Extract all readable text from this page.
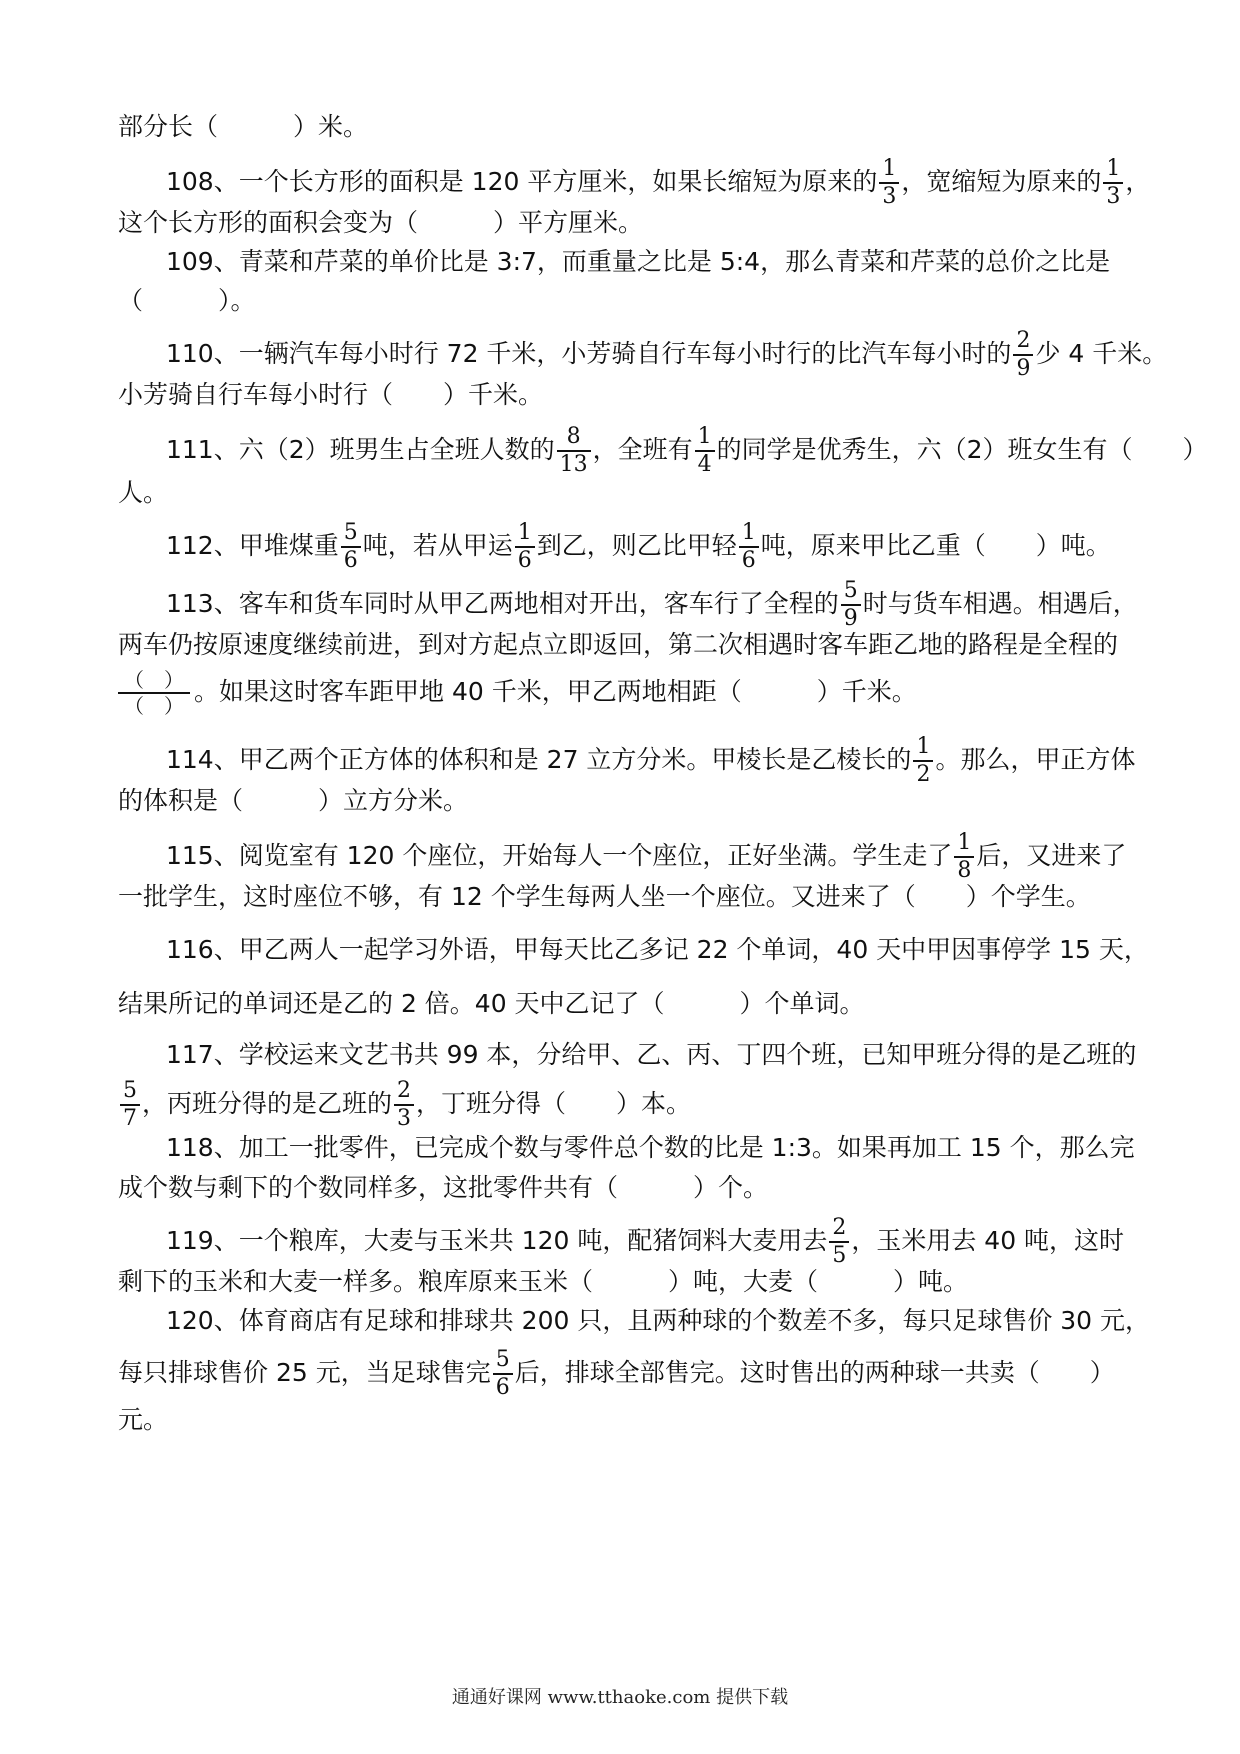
部分长（　　　）米。
108、一个长方形的面积是 120 平方厘米，如果长缩短为原来的 $\frac{1}{3}$ ，宽缩短为原来的 $\frac{1}{3}$ ，
这个长方形的面积会变为（　　　）平方厘米。
109、青菜和芹菜的单价比是 3:7，而重量之比是 5:4，那么青菜和芹菜的总价之比是
（　　　）。
110、一辆汽车每小时行 72 千米，小芳骑自行车每小时行的比汽车每小时的 $\frac{2}{9}$ 少 4 千米。
小芳骑自行车每小时行（　　）千米。
111、六（2）班男生占全班人数的 $\frac{8}{13}$ ，全班有 $\frac{1}{4}$ 的同学是优秀生，六（2）班女生有（　　）
人。
112、甲堆煤重 $\frac{5}{6}$ 吨，若从甲运 $\frac{1}{6}$ 到乙，则乙比甲轻 $\frac{1}{6}$ 吨，原来甲比乙重（　　）吨。
113、客车和货车同时从甲乙两地相对开出，客车行了全程的 $\frac{5}{9}$ 时与货车相遇。相遇后，
两车仍按原速度继续前进，到对方起点立即返回，第二次相遇时客车距乙地的路程是全程的
$\frac{( )}{( )}$ 。如果这时客车距甲地 40 千米，甲乙两地相距（　　　）千米。
114、甲乙两个正方体的体积和是 27 立方分米。甲棱长是乙棱长的 $\frac{1}{2}$ 。那么，甲正方体
的体积是（　　　）立方分米。
115、阅览室有 120 个座位，开始每人一个座位，正好坐满。学生走了 $\frac{1}{8}$ 后，又进来了
一批学生，这时座位不够，有 12 个学生每两人坐一个座位。又进来了（　　）个学生。
116、甲乙两人一起学习外语，甲每天比乙多记 22 个单词，40 天中甲因事停学 15 天，
结果所记的单词还是乙的 2 倍。40 天中乙记了（　　　）个单词。
117、学校运来文艺书共 99 本，分给甲、乙、丙、丁四个班，已知甲班分得的是乙班的
$\frac{5}{7}$ ，丙班分得的是乙班的 $\frac{2}{3}$ ，丁班分得（　　）本。
118、加工一批零件，已完成个数与零件总个数的比是 1:3。如果再加工 15 个，那么完
成个数与剩下的个数同样多，这批零件共有（　　　）个。
119、一个粮库，大麦与玉米共 120 吨，配猪饲料大麦用去 $\frac{2}{5}$ ，玉米用去 40 吨，这时
剩下的玉米和大麦一样多。粮库原来玉米（　　　）吨，大麦（　　　）吨。
120、体育商店有足球和排球共 200 只，且两种球的个数差不多，每只足球售价 30 元，
每只排球售价 25 元，当足球售完 $\frac{5}{6}$ 后，排球全部售完。这时售出的两种球一共卖（　　）
元。
通通好课网 www.tthaoke.com 提供下载
